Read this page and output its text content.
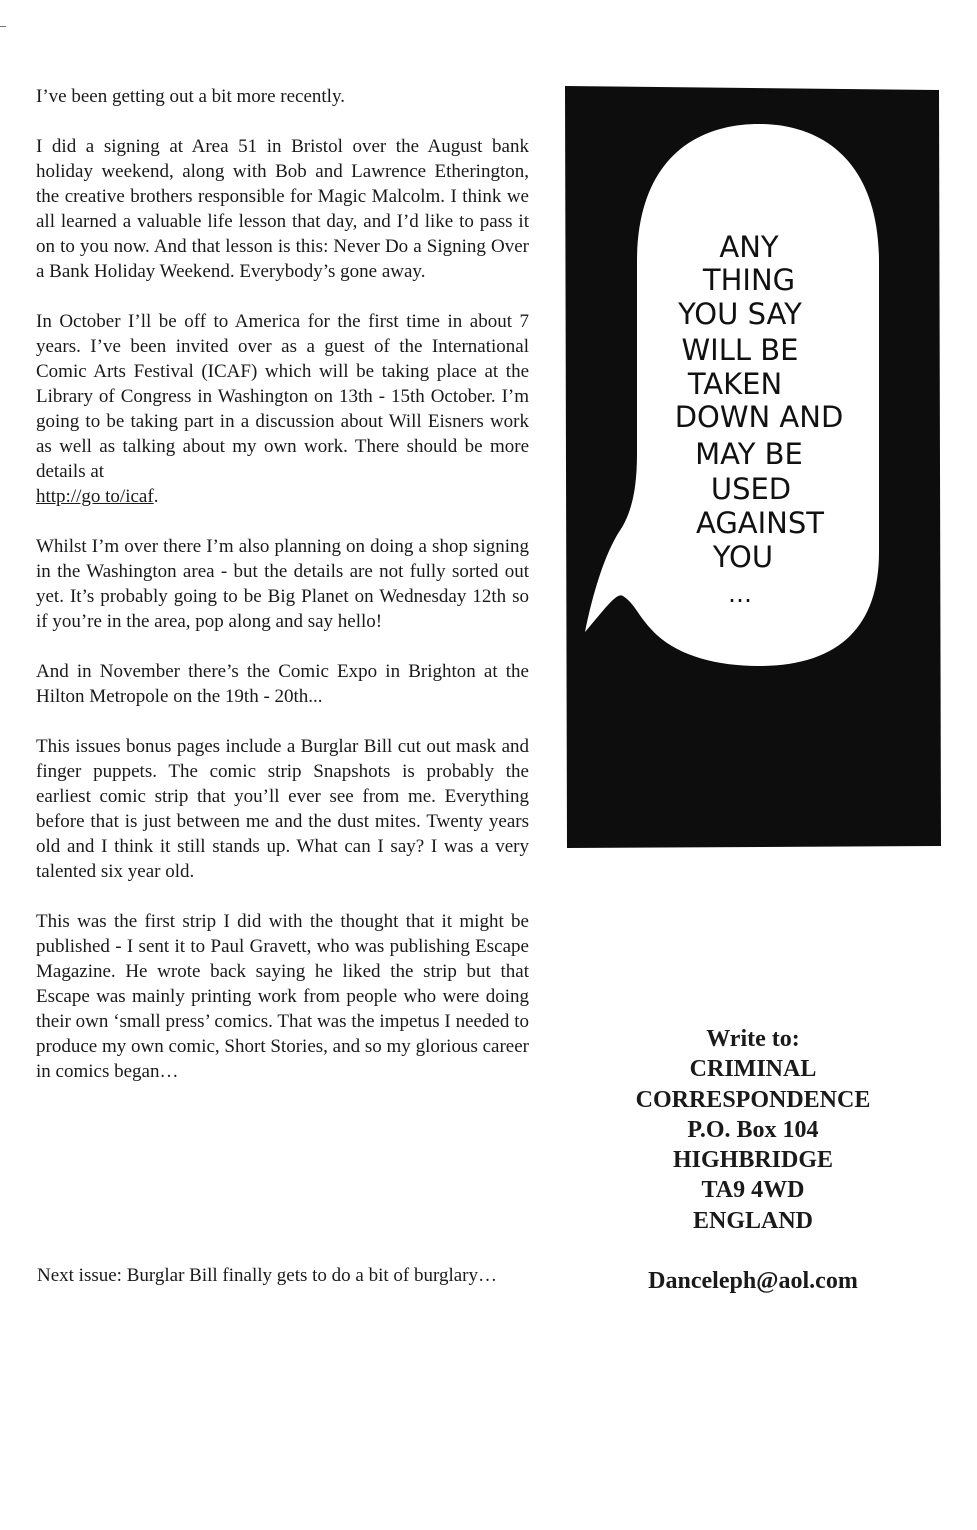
I’ve been getting out a bit more recently.

I did a signing at Area 51 in Bristol over the August bank holiday weekend, along with Bob and Lawrence Etherington, the creative brothers responsible for Magic Malcolm. I think we all learned a valuable life lesson that day, and I’d like to pass it on to you now. And that lesson is this: Never Do a Signing Over a Bank Holiday Weekend. Everybody’s gone away.

In October I’ll be off to America for the first time in about 7 years. I’ve been invited over as a guest of the International Comic Arts Festival (ICAF) which will be taking place at the Library of Congress in Washington on 13th - 15th October. I’m going to be taking part in a discussion about Will Eisners work as well as talking about my own work. There should be more details at
http://go to/icaf.

Whilst I’m over there I’m also planning on doing a shop signing in the Washington area - but the details are not fully sorted out yet. It’s probably going to be Big Planet on Wednesday 12th so if you’re in the area, pop along and say hello!

And in November there’s the Comic Expo in Brighton at the Hilton Metropole on the 19th - 20th...

This issues bonus pages include a Burglar Bill cut out mask and finger puppets. The comic strip Snapshots is probably the earliest comic strip that you’ll ever see from me. Everything before that is just between me and the dust mites. Twenty years old and I think it still stands up. What can I say? I was a very talented six year old.

This was the first strip I did with the thought that it might be published - I sent it to Paul Gravett, who was publishing Escape Magazine. He wrote back saying he liked the strip but that Escape was mainly printing work from people who were doing their own ‘small press’ comics. That was the impetus I needed to produce my own comic, Short Stories, and so my glorious career in comics began…

Next issue: Burglar Bill finally gets to do a bit of burglary…

ANY
THING
YOU SAY
WILL BE
TAKEN
DOWN AND
MAY BE
USED
AGAINST
YOU
…
Write to:
CRIMINAL
CORRESPONDENCE
P.O. Box 104
HIGHBRIDGE
TA9 4WD
ENGLAND
Danceleph@aol.com
